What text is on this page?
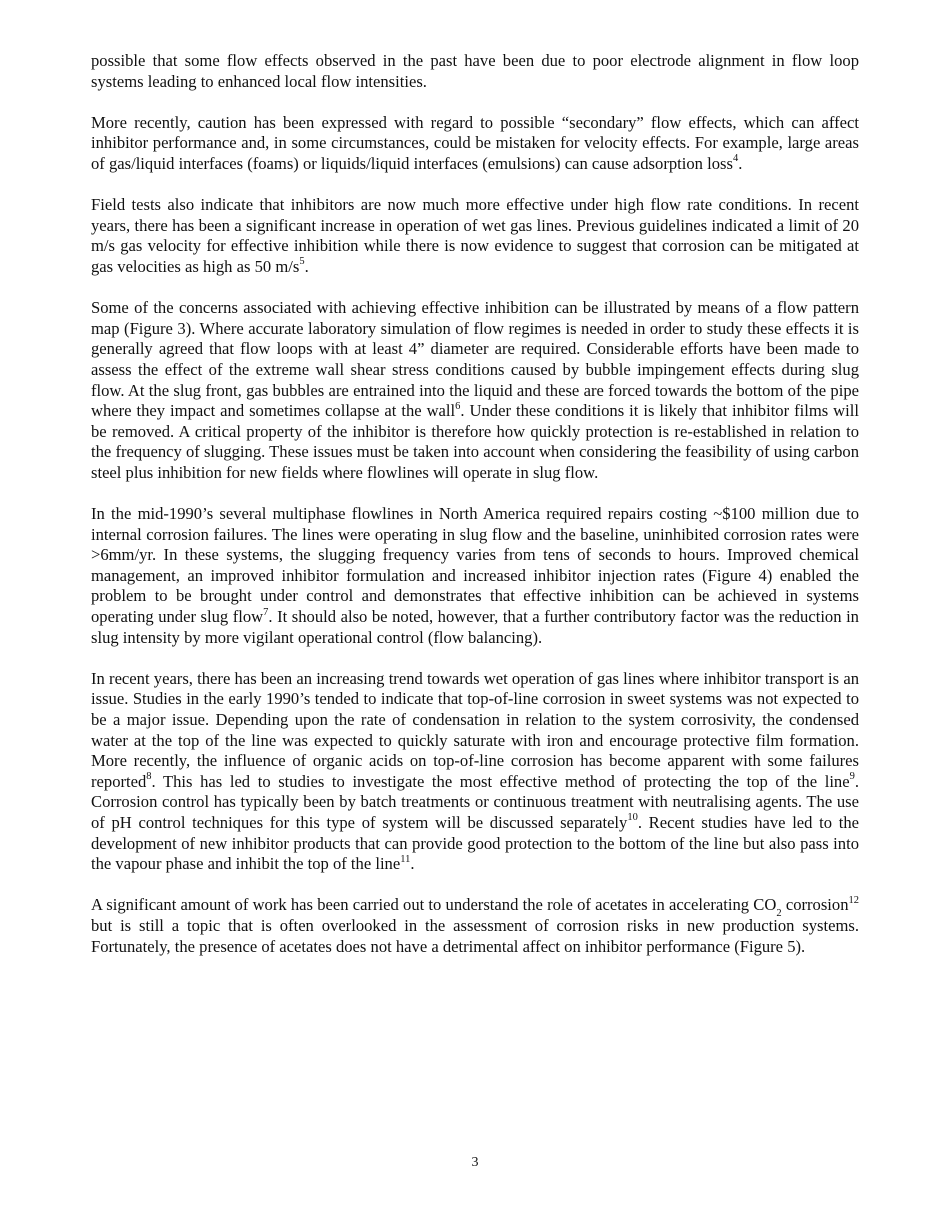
possible that some flow effects observed in the past have been due to poor electrode alignment in flow loop systems leading to enhanced local flow intensities.

More recently, caution has been expressed with regard to possible “secondary” flow effects, which can affect inhibitor performance and, in some circumstances, could be mistaken for velocity effects. For example, large areas of gas/liquid interfaces (foams) or liquids/liquid interfaces (emulsions) can cause adsorption loss$^4$.

Field tests also indicate that inhibitors are now much more effective under high flow rate conditions. In recent years, there has been a significant increase in operation of wet gas lines. Previous guidelines indicated a limit of 20 m/s gas velocity for effective inhibition while there is now evidence to suggest that corrosion can be mitigated at gas velocities as high as 50 $m/s^5$.

Some of the concerns associated with achieving effective inhibition can be illustrated by means of a flow pattern map (Figure 3). Where accurate laboratory simulation of flow regimes is needed in order to study these effects it is generally agreed that flow loops with at least 4” diameter are required. Considerable efforts have been made to assess the effect of the extreme wall shear stress conditions caused by bubble impingement effects during slug flow. At the slug front, gas bubbles are entrained into the liquid and these are forced towards the bottom of the pipe where they impact and sometimes collapse at the wall$^6$. Under these conditions it is likely that inhibitor films will be removed. A critical property of the inhibitor is therefore how quickly protection is re-established in relation to the frequency of slugging. These issues must be taken into account when considering the feasibility of using carbon steel plus inhibition for new fields where flowlines will operate in slug flow.

In the mid-1990’s several multiphase flowlines in North America required repairs costing ~$100 million due to internal corrosion failures. The lines were operating in slug flow and the baseline, uninhibited corrosion rates were >6mm/yr. In these systems, the slugging frequency varies from tens of seconds to hours. Improved chemical management, an improved inhibitor formulation and increased inhibitor injection rates (Figure 4) enabled the problem to be brought under control and demonstrates that effective inhibition can be achieved in systems operating under slug flow$^7$. It should also be noted, however, that a further contributory factor was the reduction in slug intensity by more vigilant operational control (flow balancing).

In recent years, there has been an increasing trend towards wet operation of gas lines where inhibitor transport is an issue. Studies in the early 1990’s tended to indicate that top-of-line corrosion in sweet systems was not expected to be a major issue. Depending upon the rate of condensation in relation to the system corrosivity, the condensed water at the top of the line was expected to quickly saturate with iron and encourage protective film formation. More recently, the influence of organic acids on top-of-line corrosion has become apparent with some failures reported$^8$. This has led to studies to investigate the most effective method of protecting the top of the line$^9$. Corrosion control has typically been by batch treatments or continuous treatment with neutralising agents. The use of pH control techniques for this type of system will be discussed separately$^{10}$. Recent studies have led to the development of new inhibitor products that can provide good protection to the bottom of the line but also pass into the vapour phase and inhibit the top of the line$^{11}$.

A significant amount of work has been carried out to understand the role of acetates in accelerating $CO_2$ corrosion$^{12}$ but is still a topic that is often overlooked in the assessment of corrosion risks in new production systems. Fortunately, the presence of acetates does not have a detrimental affect on inhibitor performance (Figure 5).

3
